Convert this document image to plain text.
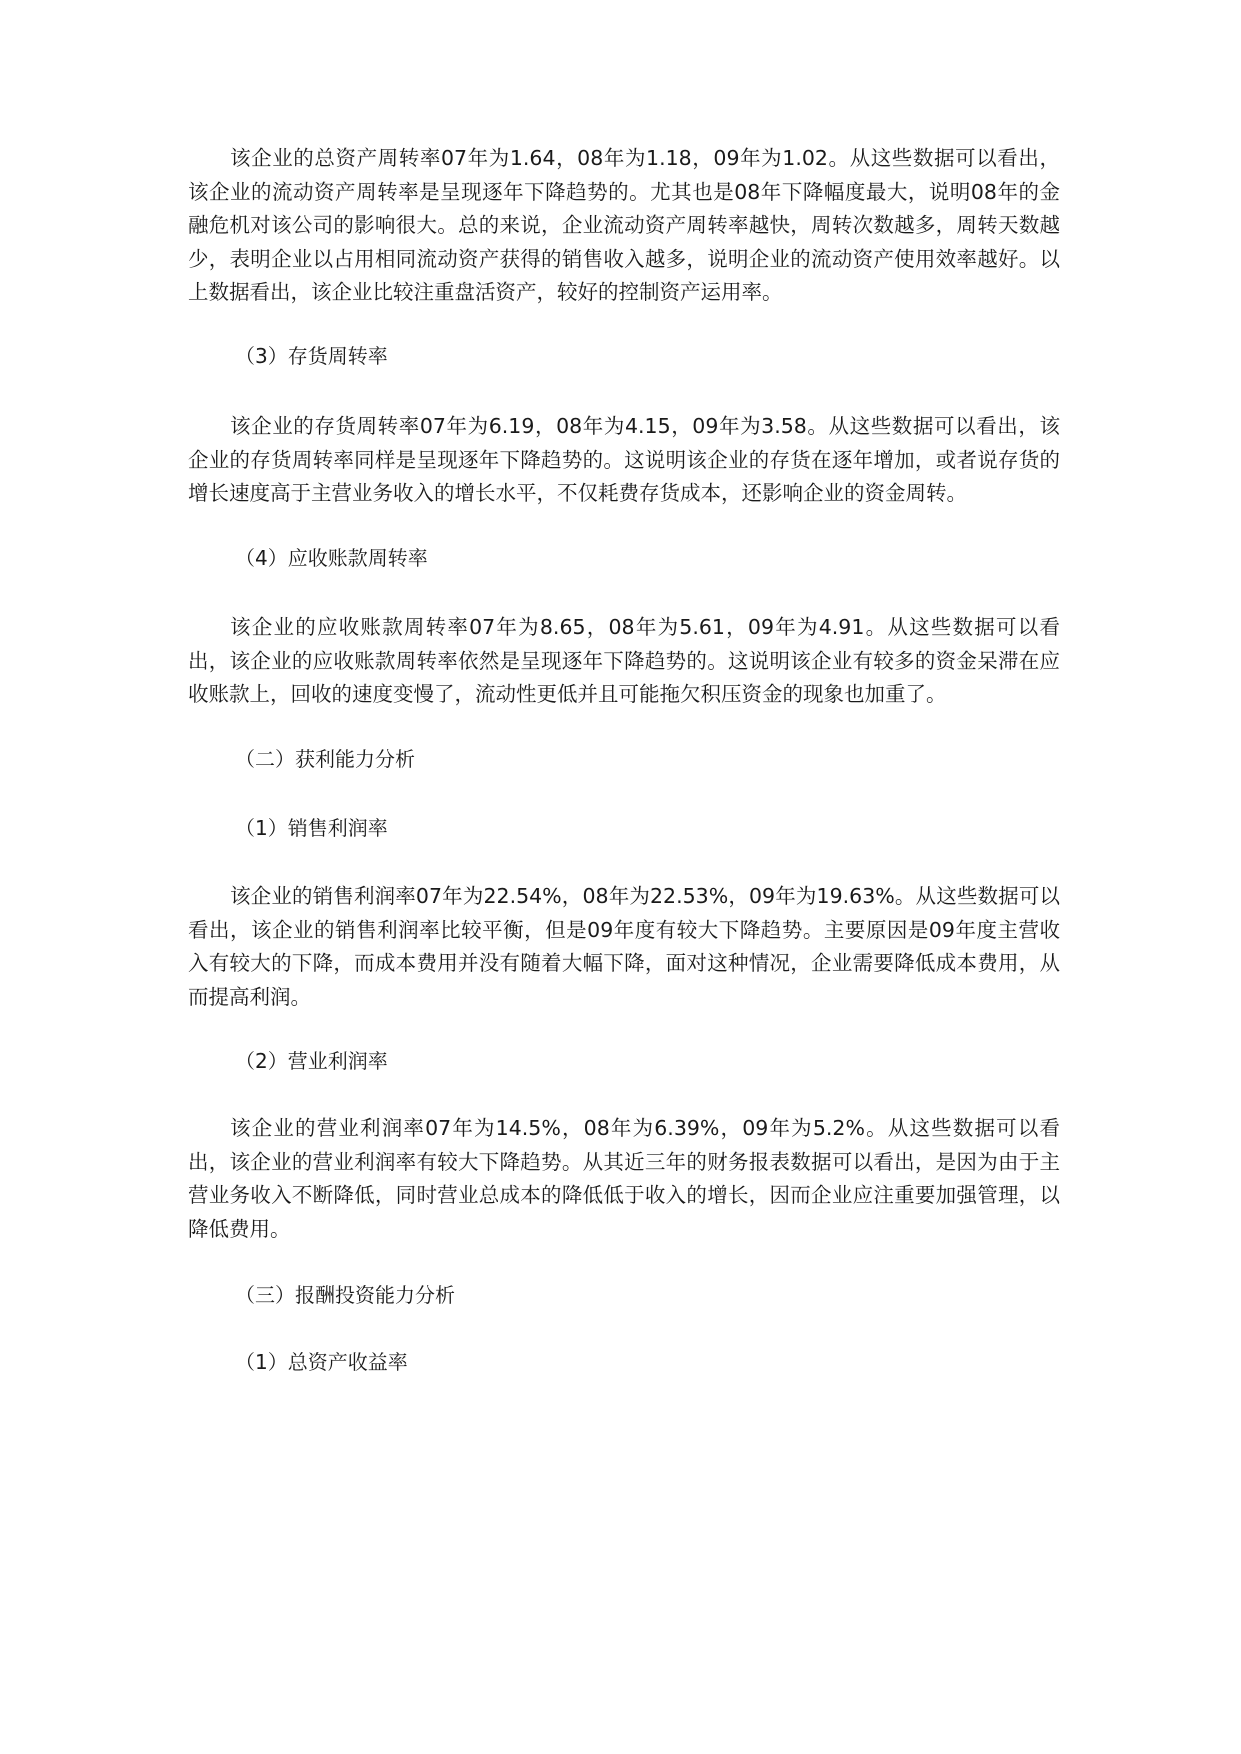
该企业的总资产周转率07年为1.64，08年为1.18，09年为1.02。从这些数据可以看出，该企业的流动资产周转率是呈现逐年下降趋势的。尤其也是08年下降幅度最大，说明08年的金融危机对该公司的影响很大。总的来说，企业流动资产周转率越快，周转次数越多，周转天数越少，表明企业以占用相同流动资产获得的销售收入越多，说明企业的流动资产使用效率越好。以上数据看出，该企业比较注重盘活资产，较好的控制资产运用率。

（3）存货周转率

该企业的存货周转率07年为6.19，08年为4.15，09年为3.58。从这些数据可以看出，该企业的存货周转率同样是呈现逐年下降趋势的。这说明该企业的存货在逐年增加，或者说存货的增长速度高于主营业务收入的增长水平，不仅耗费存货成本，还影响企业的资金周转。

（4）应收账款周转率

该企业的应收账款周转率07年为8.65，08年为5.61，09年为4.91。从这些数据可以看出，该企业的应收账款周转率依然是呈现逐年下降趋势的。这说明该企业有较多的资金呆滞在应收账款上，回收的速度变慢了，流动性更低并且可能拖欠积压资金的现象也加重了。

（二）获利能力分析

（1）销售利润率

该企业的销售利润率07年为22.54%，08年为22.53%，09年为19.63%。从这些数据可以看出，该企业的销售利润率比较平衡，但是09年度有较大下降趋势。主要原因是09年度主营收入有较大的下降，而成本费用并没有随着大幅下降，面对这种情况，企业需要降低成本费用，从而提高利润。

（2）营业利润率

该企业的营业利润率07年为14.5%，08年为6.39%，09年为5.2%。从这些数据可以看出，该企业的营业利润率有较大下降趋势。从其近三年的财务报表数据可以看出，是因为由于主营业务收入不断降低，同时营业总成本的降低低于收入的增长，因而企业应注重要加强管理，以降低费用。

（三）报酬投资能力分析

（1）总资产收益率
